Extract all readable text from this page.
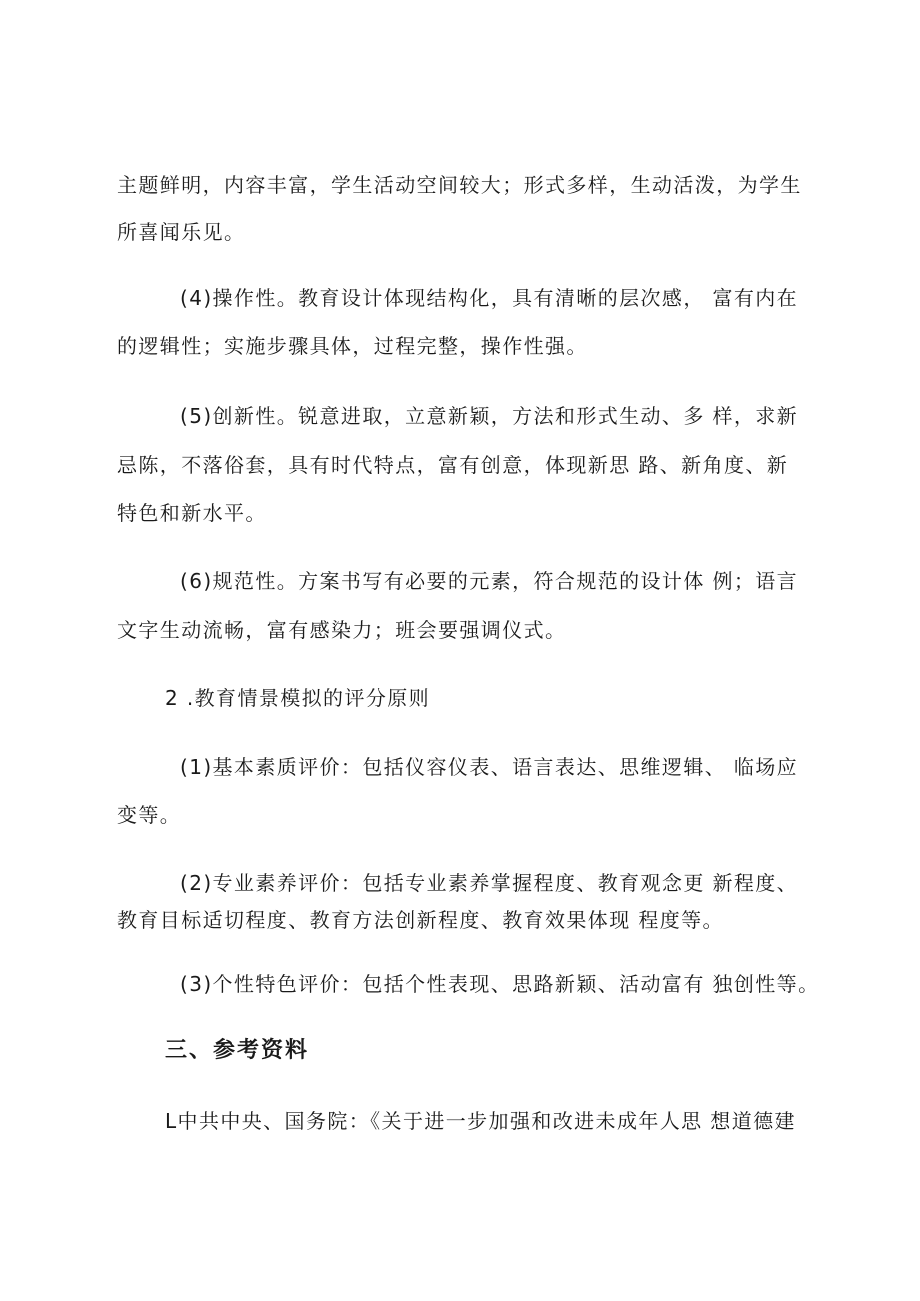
主题鲜明，内容丰富，学生活动空间较大；形式多样，生动活泼，为学生
所喜闻乐见。
(4)操作性。教育设计体现结构化，具有清晰的层次感， 富有内在
的逻辑性；实施步骤具体，过程完整，操作性强。
(5)创新性。锐意进取，立意新颖，方法和形式生动、多 样，求新
忌陈，不落俗套，具有时代特点，富有创意，体现新思 路、新角度、新
特色和新水平。
(6)规范性。方案书写有必要的元素，符合规范的设计体 例；语言
文字生动流畅，富有感染力；班会要强调仪式。
2 .教育情景模拟的评分原则
(1)基本素质评价：包括仪容仪表、语言表达、思维逻辑、 临场应
变等。
(2)专业素养评价：包括专业素养掌握程度、教育观念更 新程度、
教育目标适切程度、教育方法创新程度、教育效果体现 程度等。
(3)个性特色评价：包括个性表现、思路新颖、活动富有 独创性等。
三、参考资料
L中共中央、国务院：《关于进一步加强和改进未成年人思 想道德建
